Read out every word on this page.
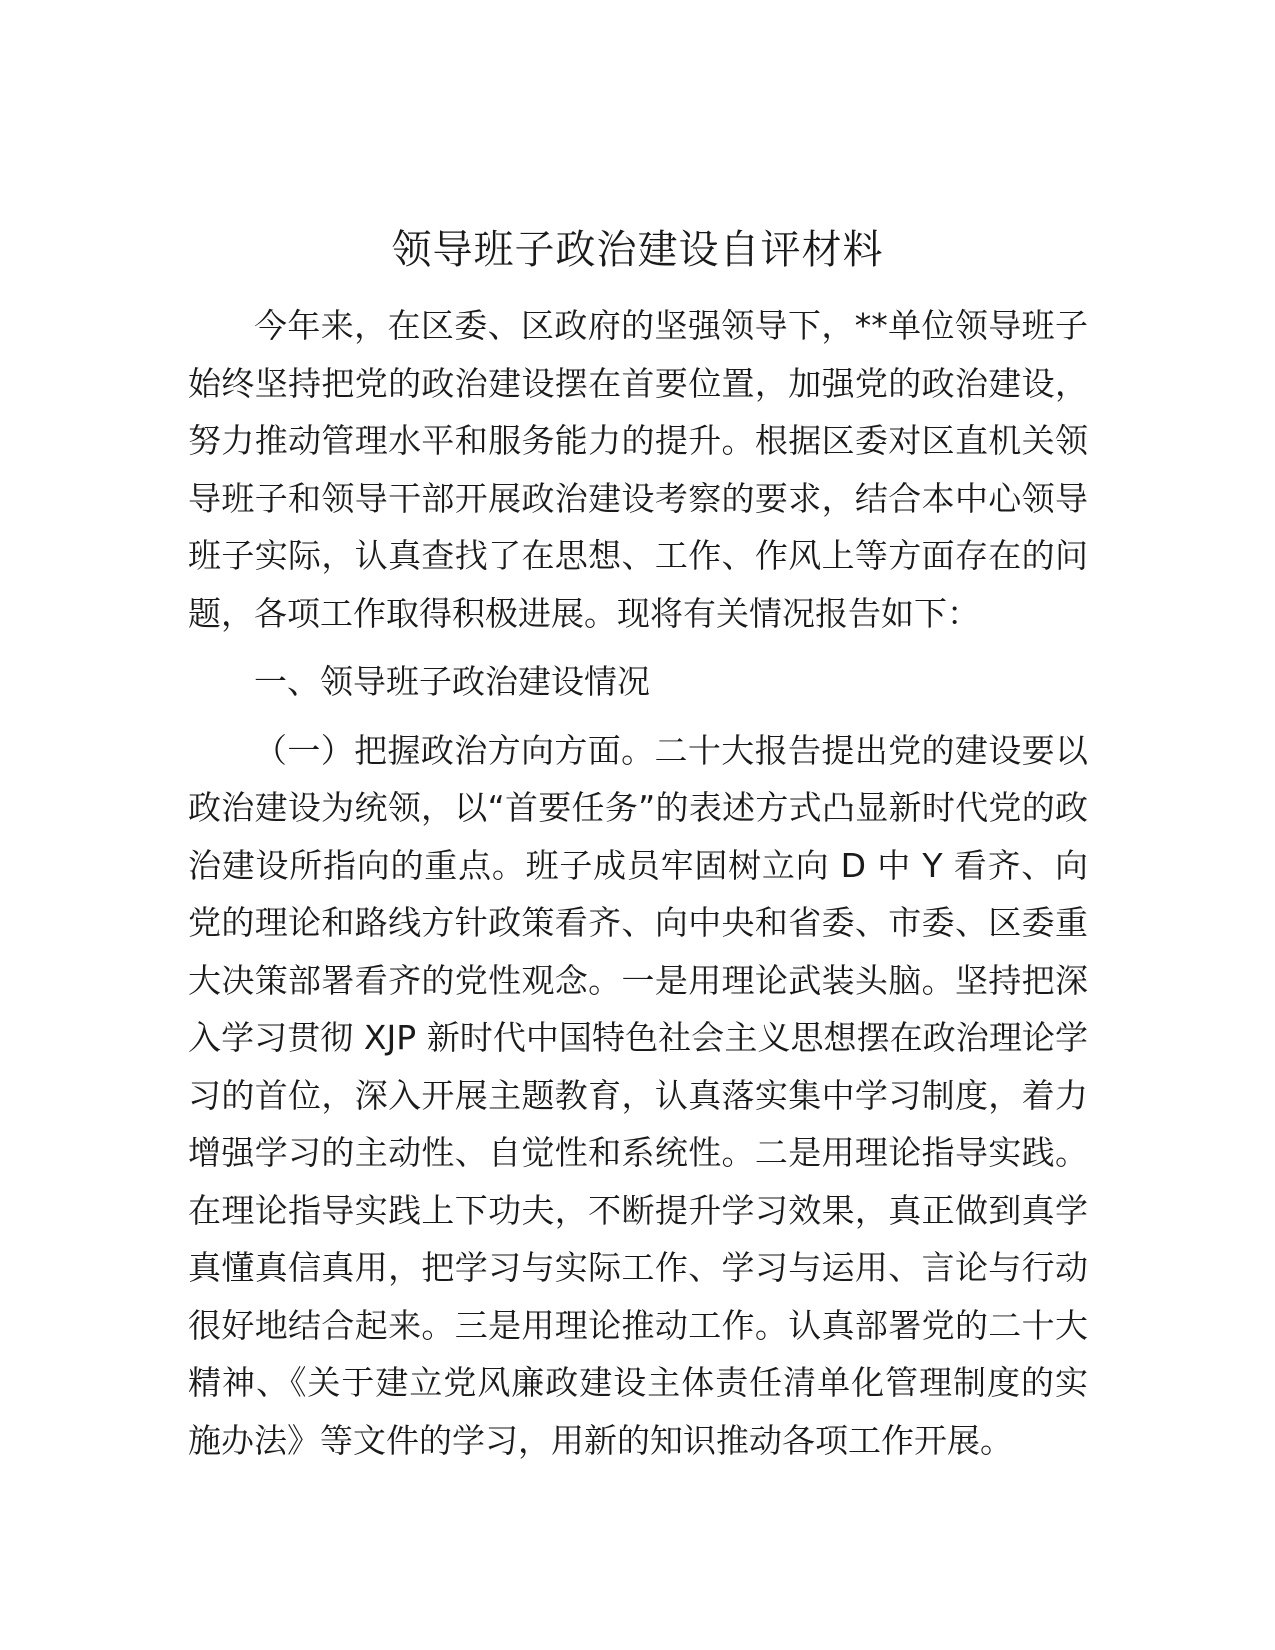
领导班子政治建设自评材料

今年来，在区委、区政府的坚强领导下，**单位领导班子始终坚持把党的政治建设摆在首要位置，加强党的政治建设，努力推动管理水平和服务能力的提升。根据区委对区直机关领导班子和领导干部开展政治建设考察的要求，结合本中心领导班子实际，认真查找了在思想、工作、作风上等方面存在的问题，各项工作取得积极进展。现将有关情况报告如下：

一、领导班子政治建设情况

（一）把握政治方向方面。二十大报告提出党的建设要以政治建设为统领，以“首要任务”的表述方式凸显新时代党的政治建设所指向的重点。班子成员牢固树立向 D 中 Y 看齐、向党的理论和路线方针政策看齐、向中央和省委、市委、区委重大决策部署看齐的党性观念。一是用理论武装头脑。坚持把深入学习贯彻 XJP 新时代中国特色社会主义思想摆在政治理论学习的首位，深入开展主题教育，认真落实集中学习制度，着力增强学习的主动性、自觉性和系统性。二是用理论指导实践。在理论指导实践上下功夫，不断提升学习效果，真正做到真学真懂真信真用，把学习与实际工作、学习与运用、言论与行动很好地结合起来。三是用理论推动工作。认真部署党的二十大精神、《关于建立党风廉政建设主体责任清单化管理制度的实施办法》等文件的学习，用新的知识推动各项工作开展。
